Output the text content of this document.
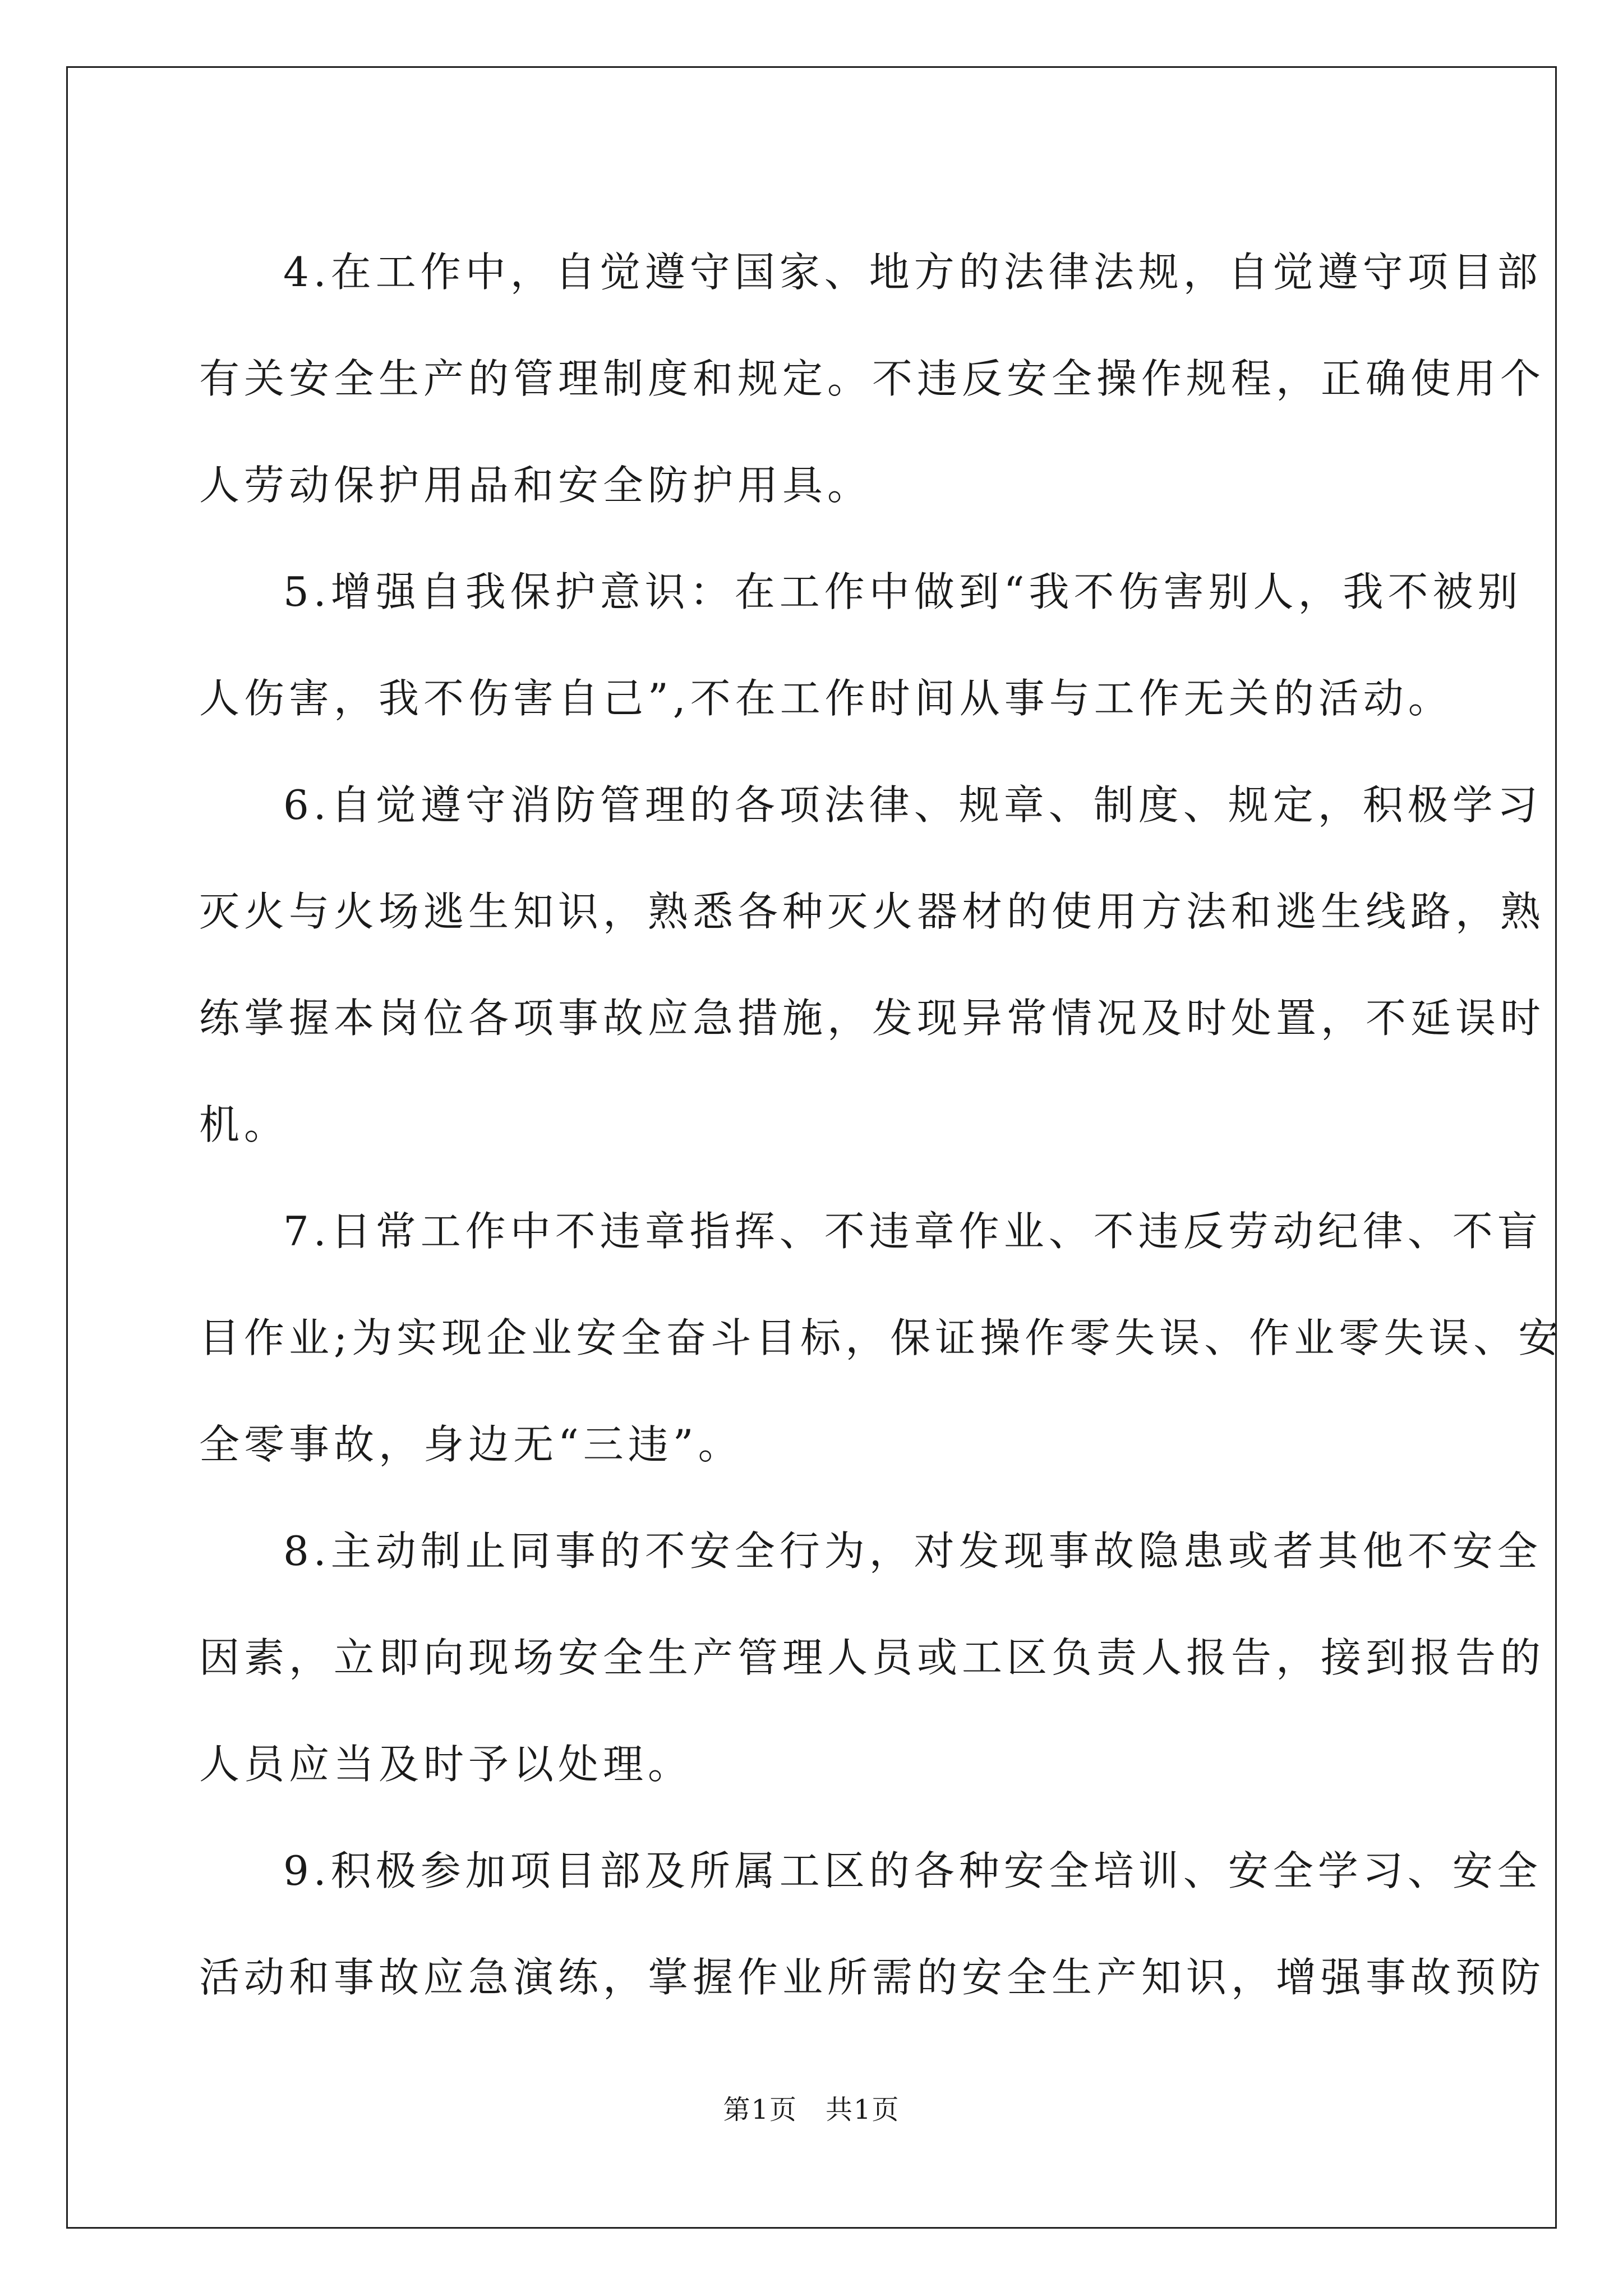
4.在工作中，自觉遵守国家、地方的法律法规，自觉遵守项目部
有关安全生产的管理制度和规定。不违反安全操作规程，正确使用个
人劳动保护用品和安全防护用具。
5.增强自我保护意识：在工作中做到“我不伤害别人，我不被别
人伤害，我不伤害自己”,不在工作时间从事与工作无关的活动。
6.自觉遵守消防管理的各项法律、规章、制度、规定，积极学习
灭火与火场逃生知识，熟悉各种灭火器材的使用方法和逃生线路，熟
练掌握本岗位各项事故应急措施，发现异常情况及时处置，不延误时
机。
7.日常工作中不违章指挥、不违章作业、不违反劳动纪律、不盲
目作业;为实现企业安全奋斗目标，保证操作零失误、作业零失误、安
全零事故，身边无“三违”。
8.主动制止同事的不安全行为，对发现事故隐患或者其他不安全
因素，立即向现场安全生产管理人员或工区负责人报告，接到报告的
人员应当及时予以处理。
9.积极参加项目部及所属工区的各种安全培训、安全学习、安全
活动和事故应急演练，掌握作业所需的安全生产知识，增强事故预防
第1页　共1页
